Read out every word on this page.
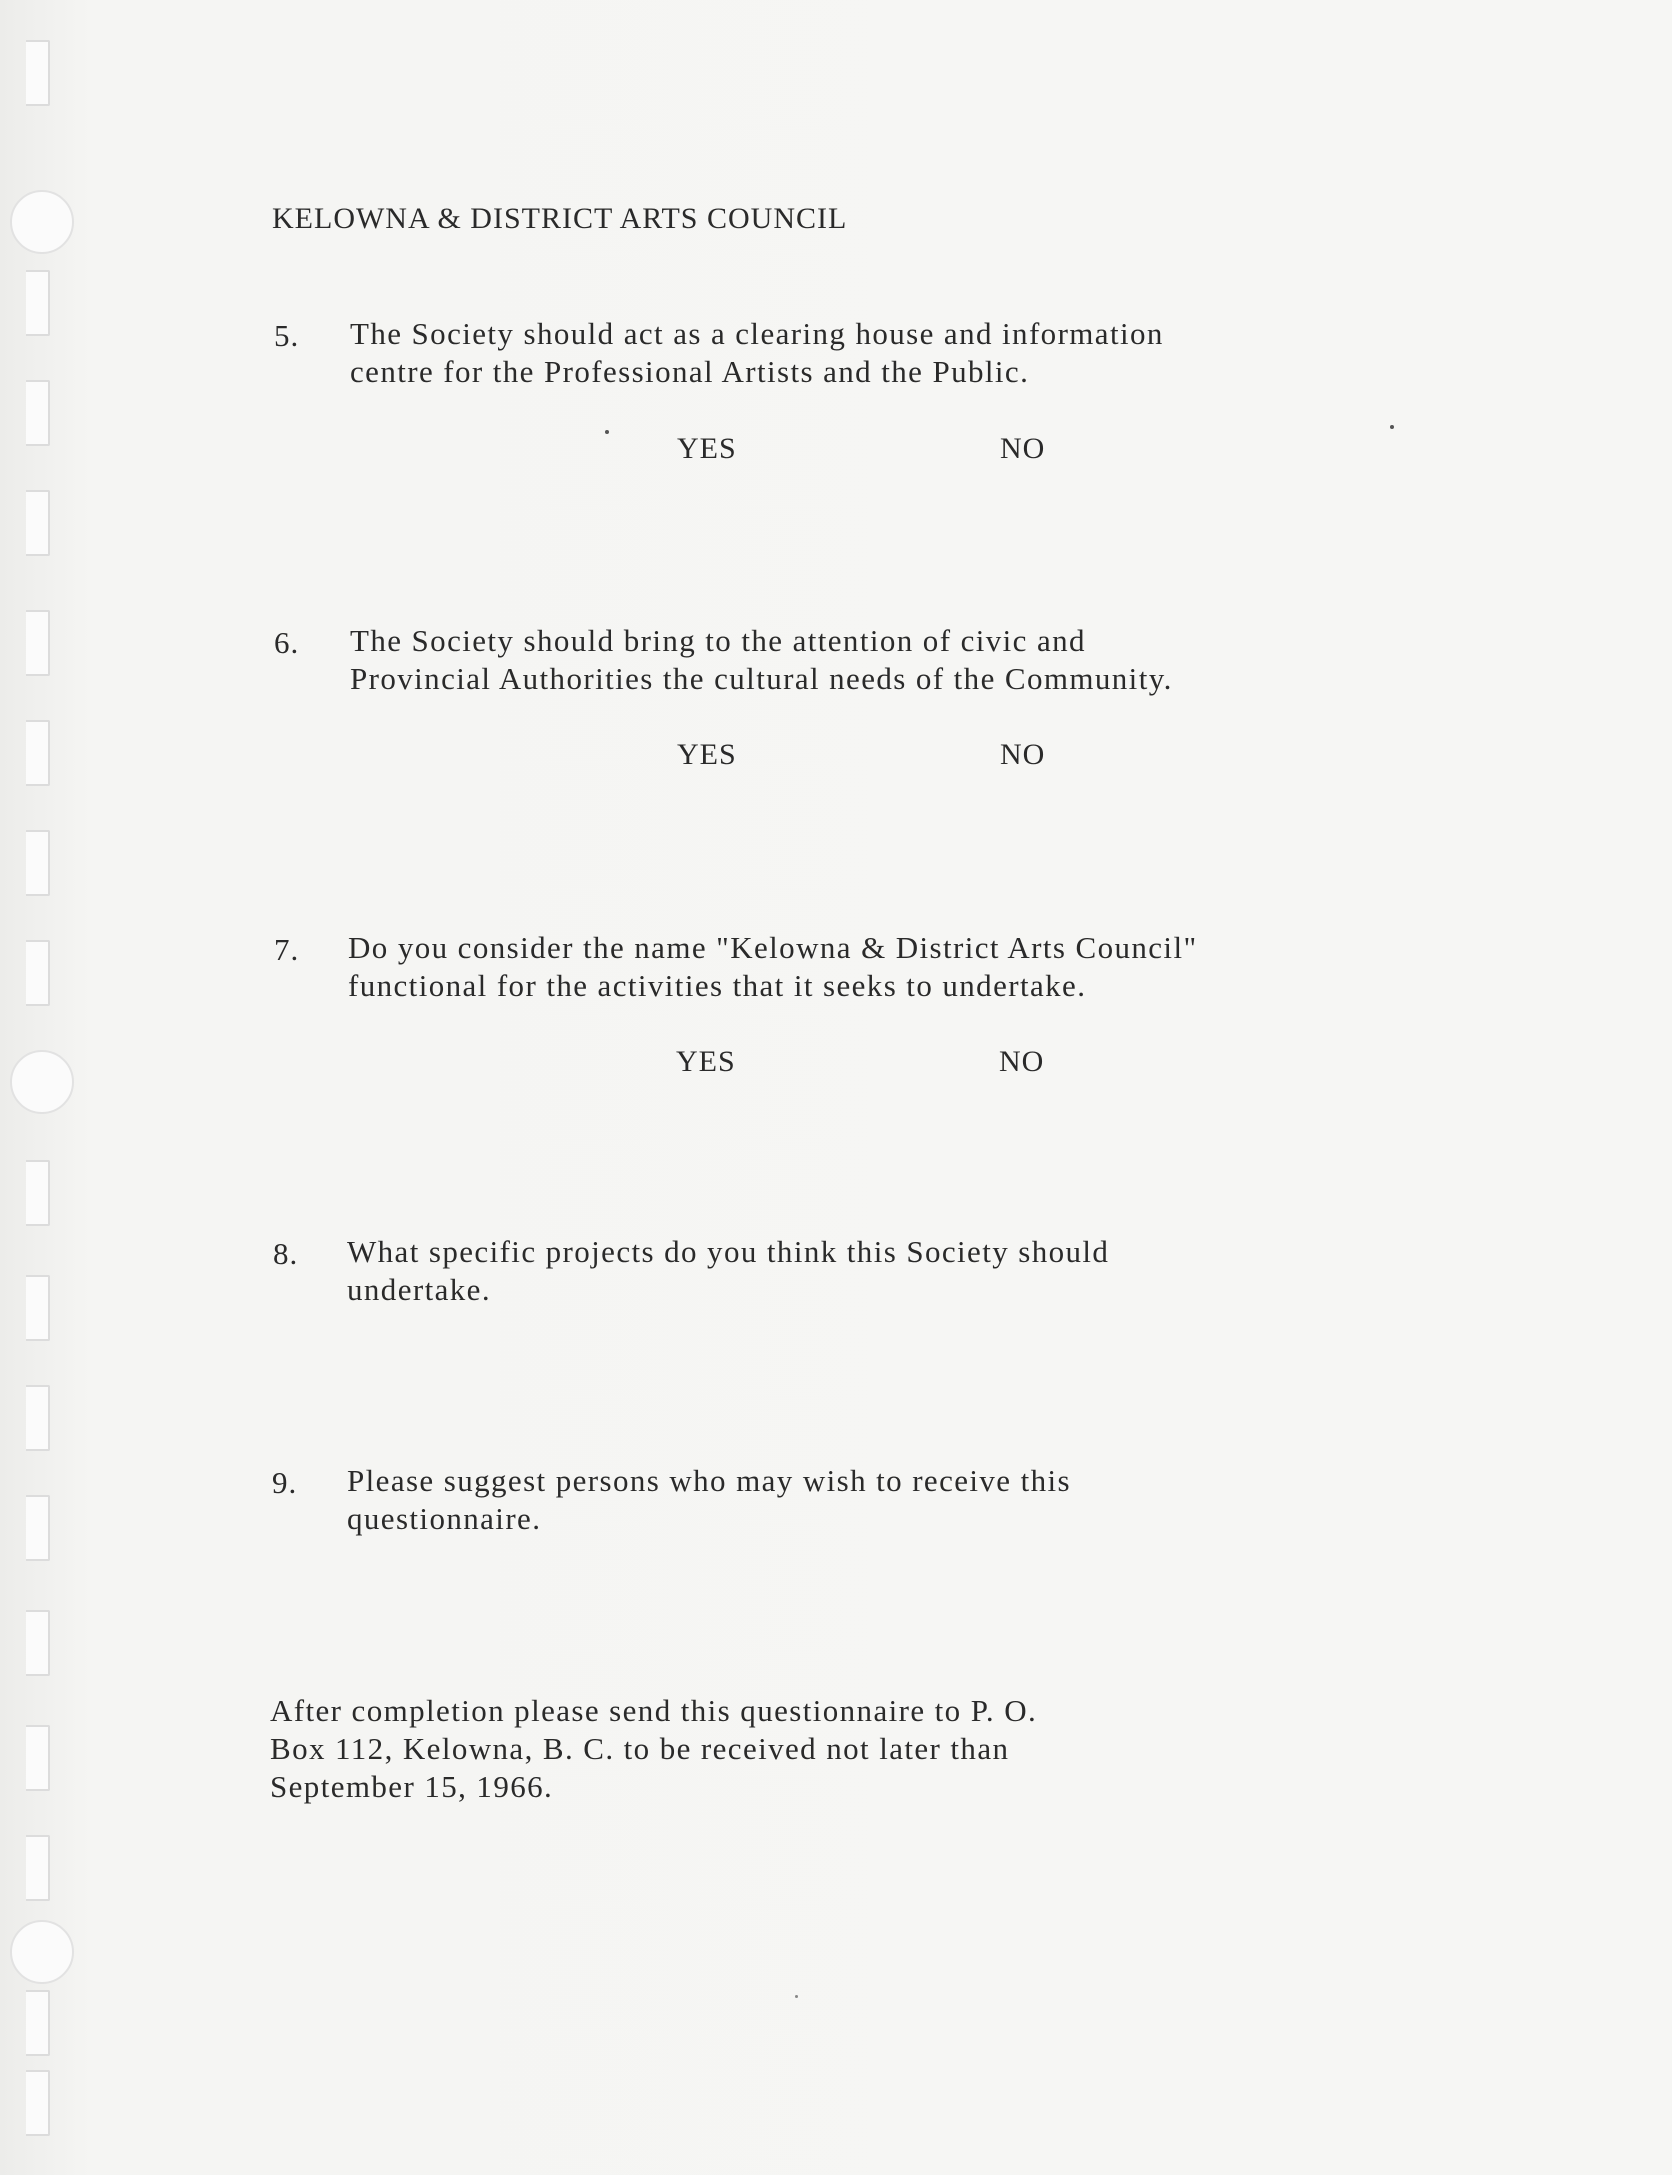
KELOWNA & DISTRICT ARTS COUNCIL
5. The Society should act as a clearing house and information
centre for the Professional Artists and the Public.
YES	NO
6. The Society should bring to the attention of civic and
Provincial Authorities the cultural needs of the Community.
YES	NO
7. Do you consider the name "Kelowna & District Arts Council"
functional for the activities that it seeks to undertake.
YES	NO
8. What specific projects do you think this Society should
undertake.
9. Please suggest persons who may wish to receive this
questionnaire.
After completion please send this questionnaire to P. O.
Box 112, Kelowna, B. C. to be received not later than
September 15, 1966.
